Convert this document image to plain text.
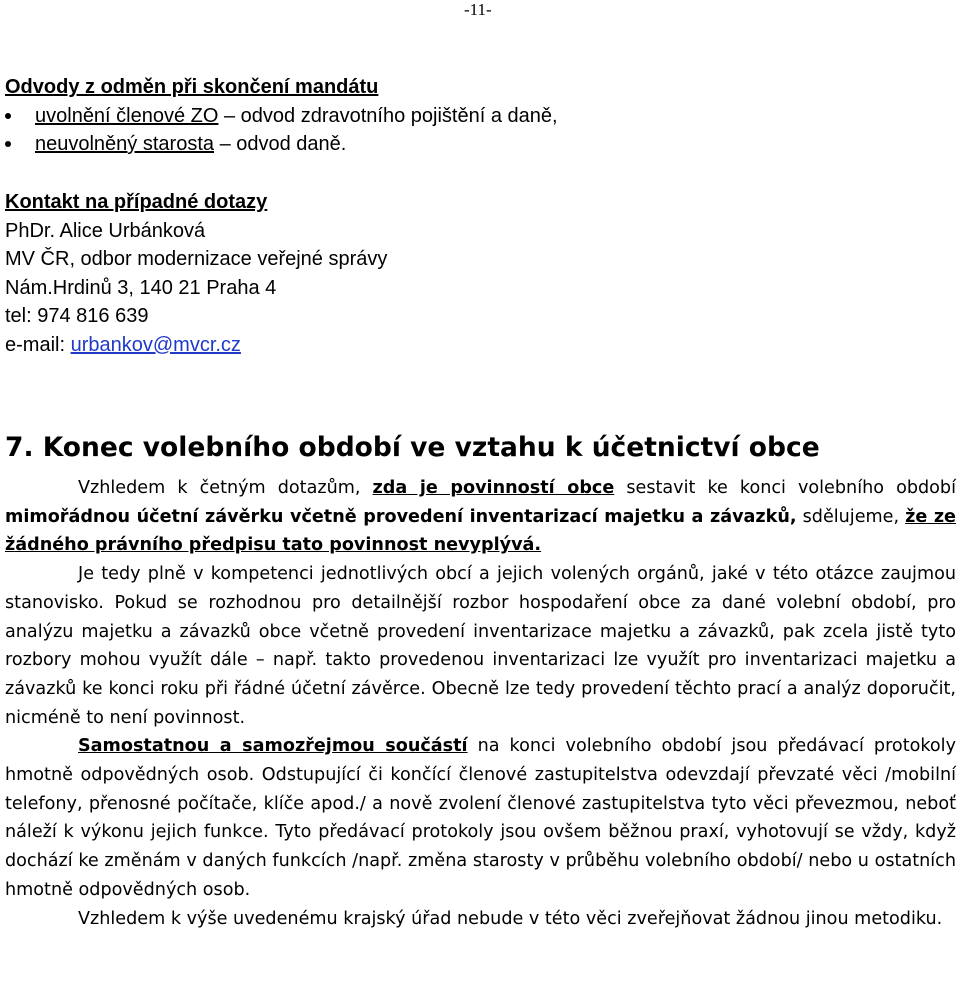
-11-
Odvody z odměn při skončení mandátu
uvolnění členové ZO – odvod zdravotního pojištění a daně,
neuvolněný starosta – odvod daně.
Kontakt na případné dotazy
PhDr. Alice Urbánková
MV ČR, odbor modernizace veřejné správy
Nám.Hrdinů 3, 140 21 Praha 4
tel: 974 816 639
e-mail: urbankov@mvcr.cz
7. Konec volebního období ve vztahu k účetnictví obce

Vzhledem k četným dotazům, zda je povinností obce sestavit ke konci volebního období mimořádnou účetní závěrku včetně provedení inventarizací majetku a závazků, sdělujeme, že ze žádného právního předpisu tato povinnost nevyplývá.

Je tedy plně v kompetenci jednotlivých obcí a jejich volených orgánů, jaké v této otázce zaujmou stanovisko. Pokud se rozhodnou pro detailnější rozbor hospodaření obce za dané volební období, pro analýzu majetku a závazků obce včetně provedení inventarizace majetku a závazků, pak zcela jistě tyto rozbory mohou využít dále – např. takto provedenou inventarizaci lze využít pro inventarizaci majetku a závazků ke konci roku při řádné účetní závěrce. Obecně lze tedy provedení těchto prací a analýz doporučit, nicméně to není povinnost.

Samostatnou a samozřejmou součástí na konci volebního období jsou předávací protokoly hmotně odpovědných osob. Odstupující či končící členové zastupitelstva odevzdají převzaté věci /mobilní telefony, přenosné počítače, klíče apod./ a nově zvolení členové zastupitelstva tyto věci převezmou, neboť náleží k výkonu jejich funkce. Tyto předávací protokoly jsou ovšem běžnou praxí, vyhotovují se vždy, když dochází ke změnám v daných funkcích /např. změna starosty v průběhu volebního období/ nebo u ostatních hmotně odpovědných osob.

Vzhledem k výše uvedenému krajský úřad nebude v této věci zveřejňovat žádnou jinou metodiku.
